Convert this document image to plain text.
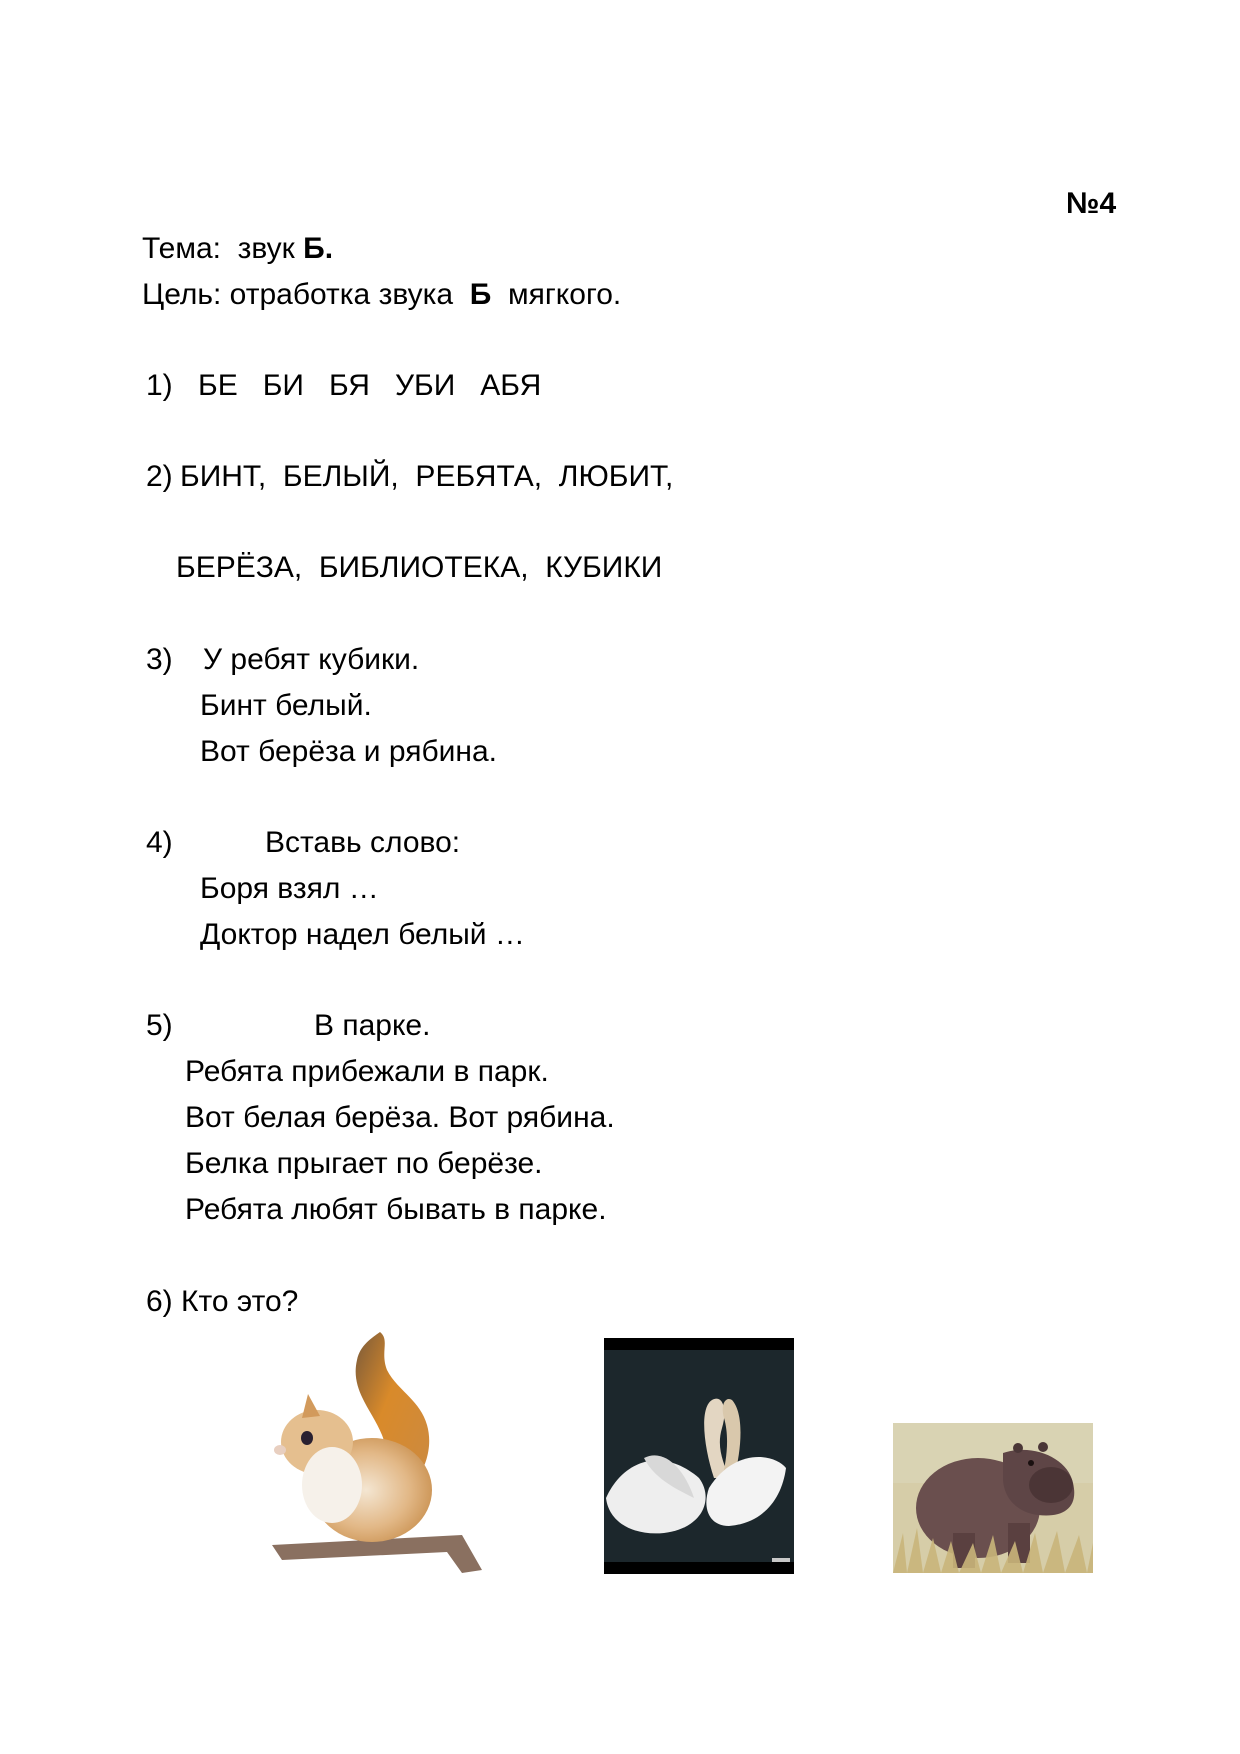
№4
Тема:  звук Б.
Цель: отработка звука  Б  мягкого.
1) БЕ   БИ   БЯ   УБИ   АБЯ
2) БИНТ,  БЕЛЫЙ,  РЕБЯТА,  ЛЮБИТ,
БЕРЁЗА,  БИБЛИОТЕКА,  КУБИКИ
3) У ребят кубики.
Бинт белый.
Вот берёза и рябина.
4)	Вставь слово:
Боря взял …
Доктор надел белый …
5)	В парке.
Ребята прибежали в парк.
Вот белая берёза. Вот рябина.
Белка прыгает по берёзе.
Ребята любят бывать в парке.
6) Кто это?
